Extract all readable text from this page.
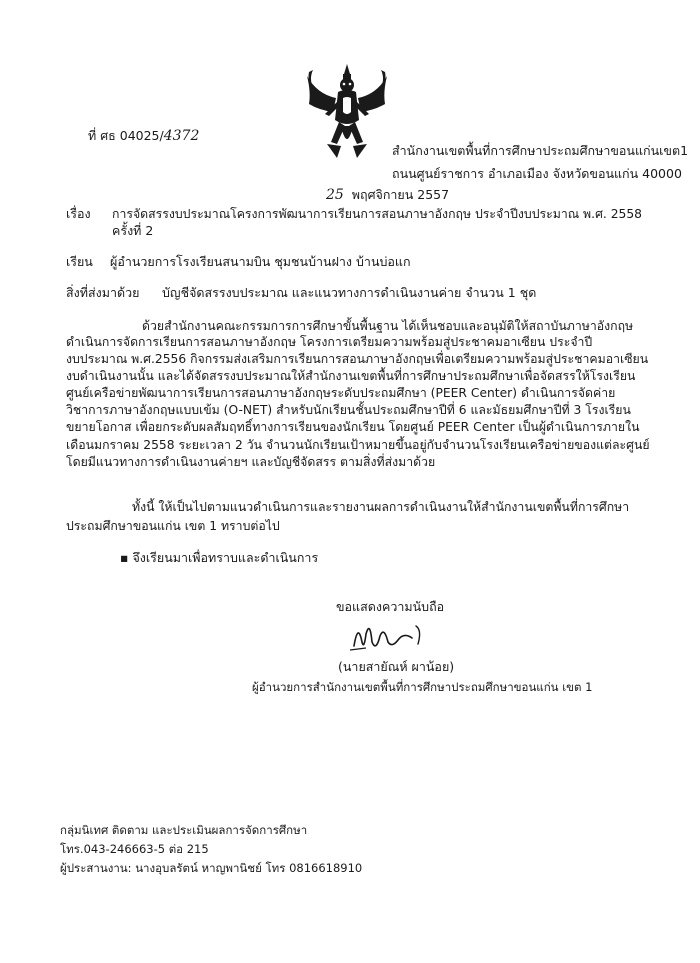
ที่ ศธ 04025/4372
สำนักงานเขตพื้นที่การศึกษาประถมศึกษาขอนแก่นเขต1
ถนนศูนย์ราชการ อำเภอเมือง จังหวัดขอนแก่น 40000
25 พฤศจิกายน 2557
เรื่อง การจัดสรรงบประมาณโครงการพัฒนาการเรียนการสอนภาษาอังกฤษ ประจำปีงบประมาณ พ.ศ. 2558
ครั้งที่ 2
เรียน ผู้อำนวยการโรงเรียนสนามบิน ชุมชนบ้านฝาง บ้านบ่อแก
สิ่งที่ส่งมาด้วย บัญชีจัดสรรงบประมาณ และแนวทางการดำเนินงานค่าย จำนวน 1 ชุด
ด้วยสำนักงานคณะกรรมการการศึกษาขั้นพื้นฐาน ได้เห็นชอบและอนุมัติให้สถาบันภาษาอังกฤษ
ดำเนินการจัดการเรียนการสอนภาษาอังกฤษ โครงการเตรียมความพร้อมสู่ประชาคมอาเซียน ประจำปี
งบประมาณ พ.ศ.2556 กิจกรรมส่งเสริมการเรียนการสอนภาษาอังกฤษเพื่อเตรียมความพร้อมสู่ประชาคมอาเซียน
งบดำเนินงานนั้น และได้จัดสรรงบประมาณให้สำนักงานเขตพื้นที่การศึกษาประถมศึกษาเพื่อจัดสรรให้โรงเรียน
ศูนย์เครือข่ายพัฒนาการเรียนการสอนภาษาอังกฤษระดับประถมศึกษา (PEER Center) ดำเนินการจัดค่าย
วิชาการภาษาอังกฤษแบบเข้ม (O-NET) สำหรับนักเรียนชั้นประถมศึกษาปีที่ 6 และมัธยมศึกษาปีที่ 3 โรงเรียน
ขยายโอกาส เพื่อยกระดับผลสัมฤทธิ์ทางการเรียนของนักเรียน โดยศูนย์ PEER Center เป็นผู้ดำเนินการภายใน
เดือนมกราคม 2558 ระยะเวลา 2 วัน จำนวนนักเรียนเป้าหมายขึ้นอยู่กับจำนวนโรงเรียนเครือข่ายของแต่ละศูนย์
โดยมีแนวทางการดำเนินงานค่ายฯ และบัญชีจัดสรร ตามสิ่งที่ส่งมาด้วย
ทั้งนี้ ให้เป็นไปตามแนวดำเนินการและรายงานผลการดำเนินงานให้สำนักงานเขตพื้นที่การศึกษา
ประถมศึกษาขอนแก่น เขต 1 ทราบต่อไป
▪ จึงเรียนมาเพื่อทราบและดำเนินการ
ขอแสดงความนับถือ
(นายสายัณห์ ผาน้อย)
ผู้อำนวยการสำนักงานเขตพื้นที่การศึกษาประถมศึกษาขอนแก่น เขต 1
กลุ่มนิเทศ ติดตาม และประเมินผลการจัดการศึกษา
โทร.043-246663-5 ต่อ 215
ผู้ประสานงาน: นางอุบลรัตน์ หาญพานิชย์ โทร 0816618910
